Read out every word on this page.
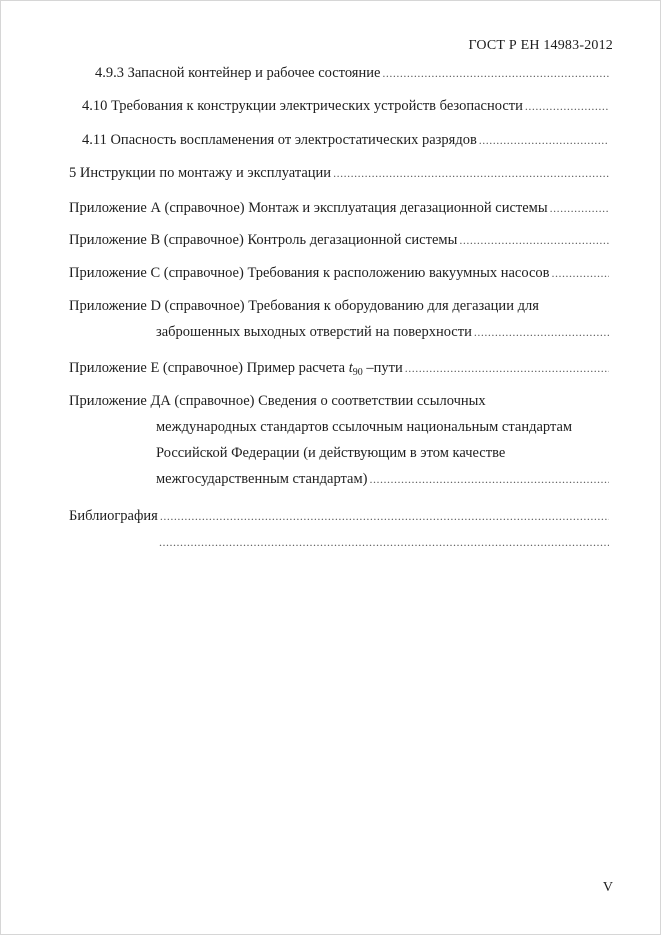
ГОСТ Р ЕН 14983-2012
4.9.3 Запасной контейнер и рабочее состояние
.....
4.10 Требования к конструкции электрических устройств безопасности
.....
4.11 Опасность воспламенения от электростатических разрядов
.....
5 Инструкции по монтажу и эксплуатации
.....
Приложение А (справочное) Монтаж и эксплуатация дегазационной системы
.....
Приложение В (справочное) Контроль дегазационной системы
.....
Приложение С (справочное) Требования к расположению вакуумных насосов
.....
Приложение D (справочное) Требования к оборудованию для дегазации для
заброшенных выходных отверстий на поверхности
.....
Приложение Е (справочное) Пример расчета $t_{90}$ –пути
.....
Приложение ДА (справочное) Сведения о соответствии ссылочных
международных стандартов ссылочным национальным стандартам
Российской Федерации (и действующим в этом качестве
межгосударственным стандартам)
.....
Библиография
.....
.....
V
